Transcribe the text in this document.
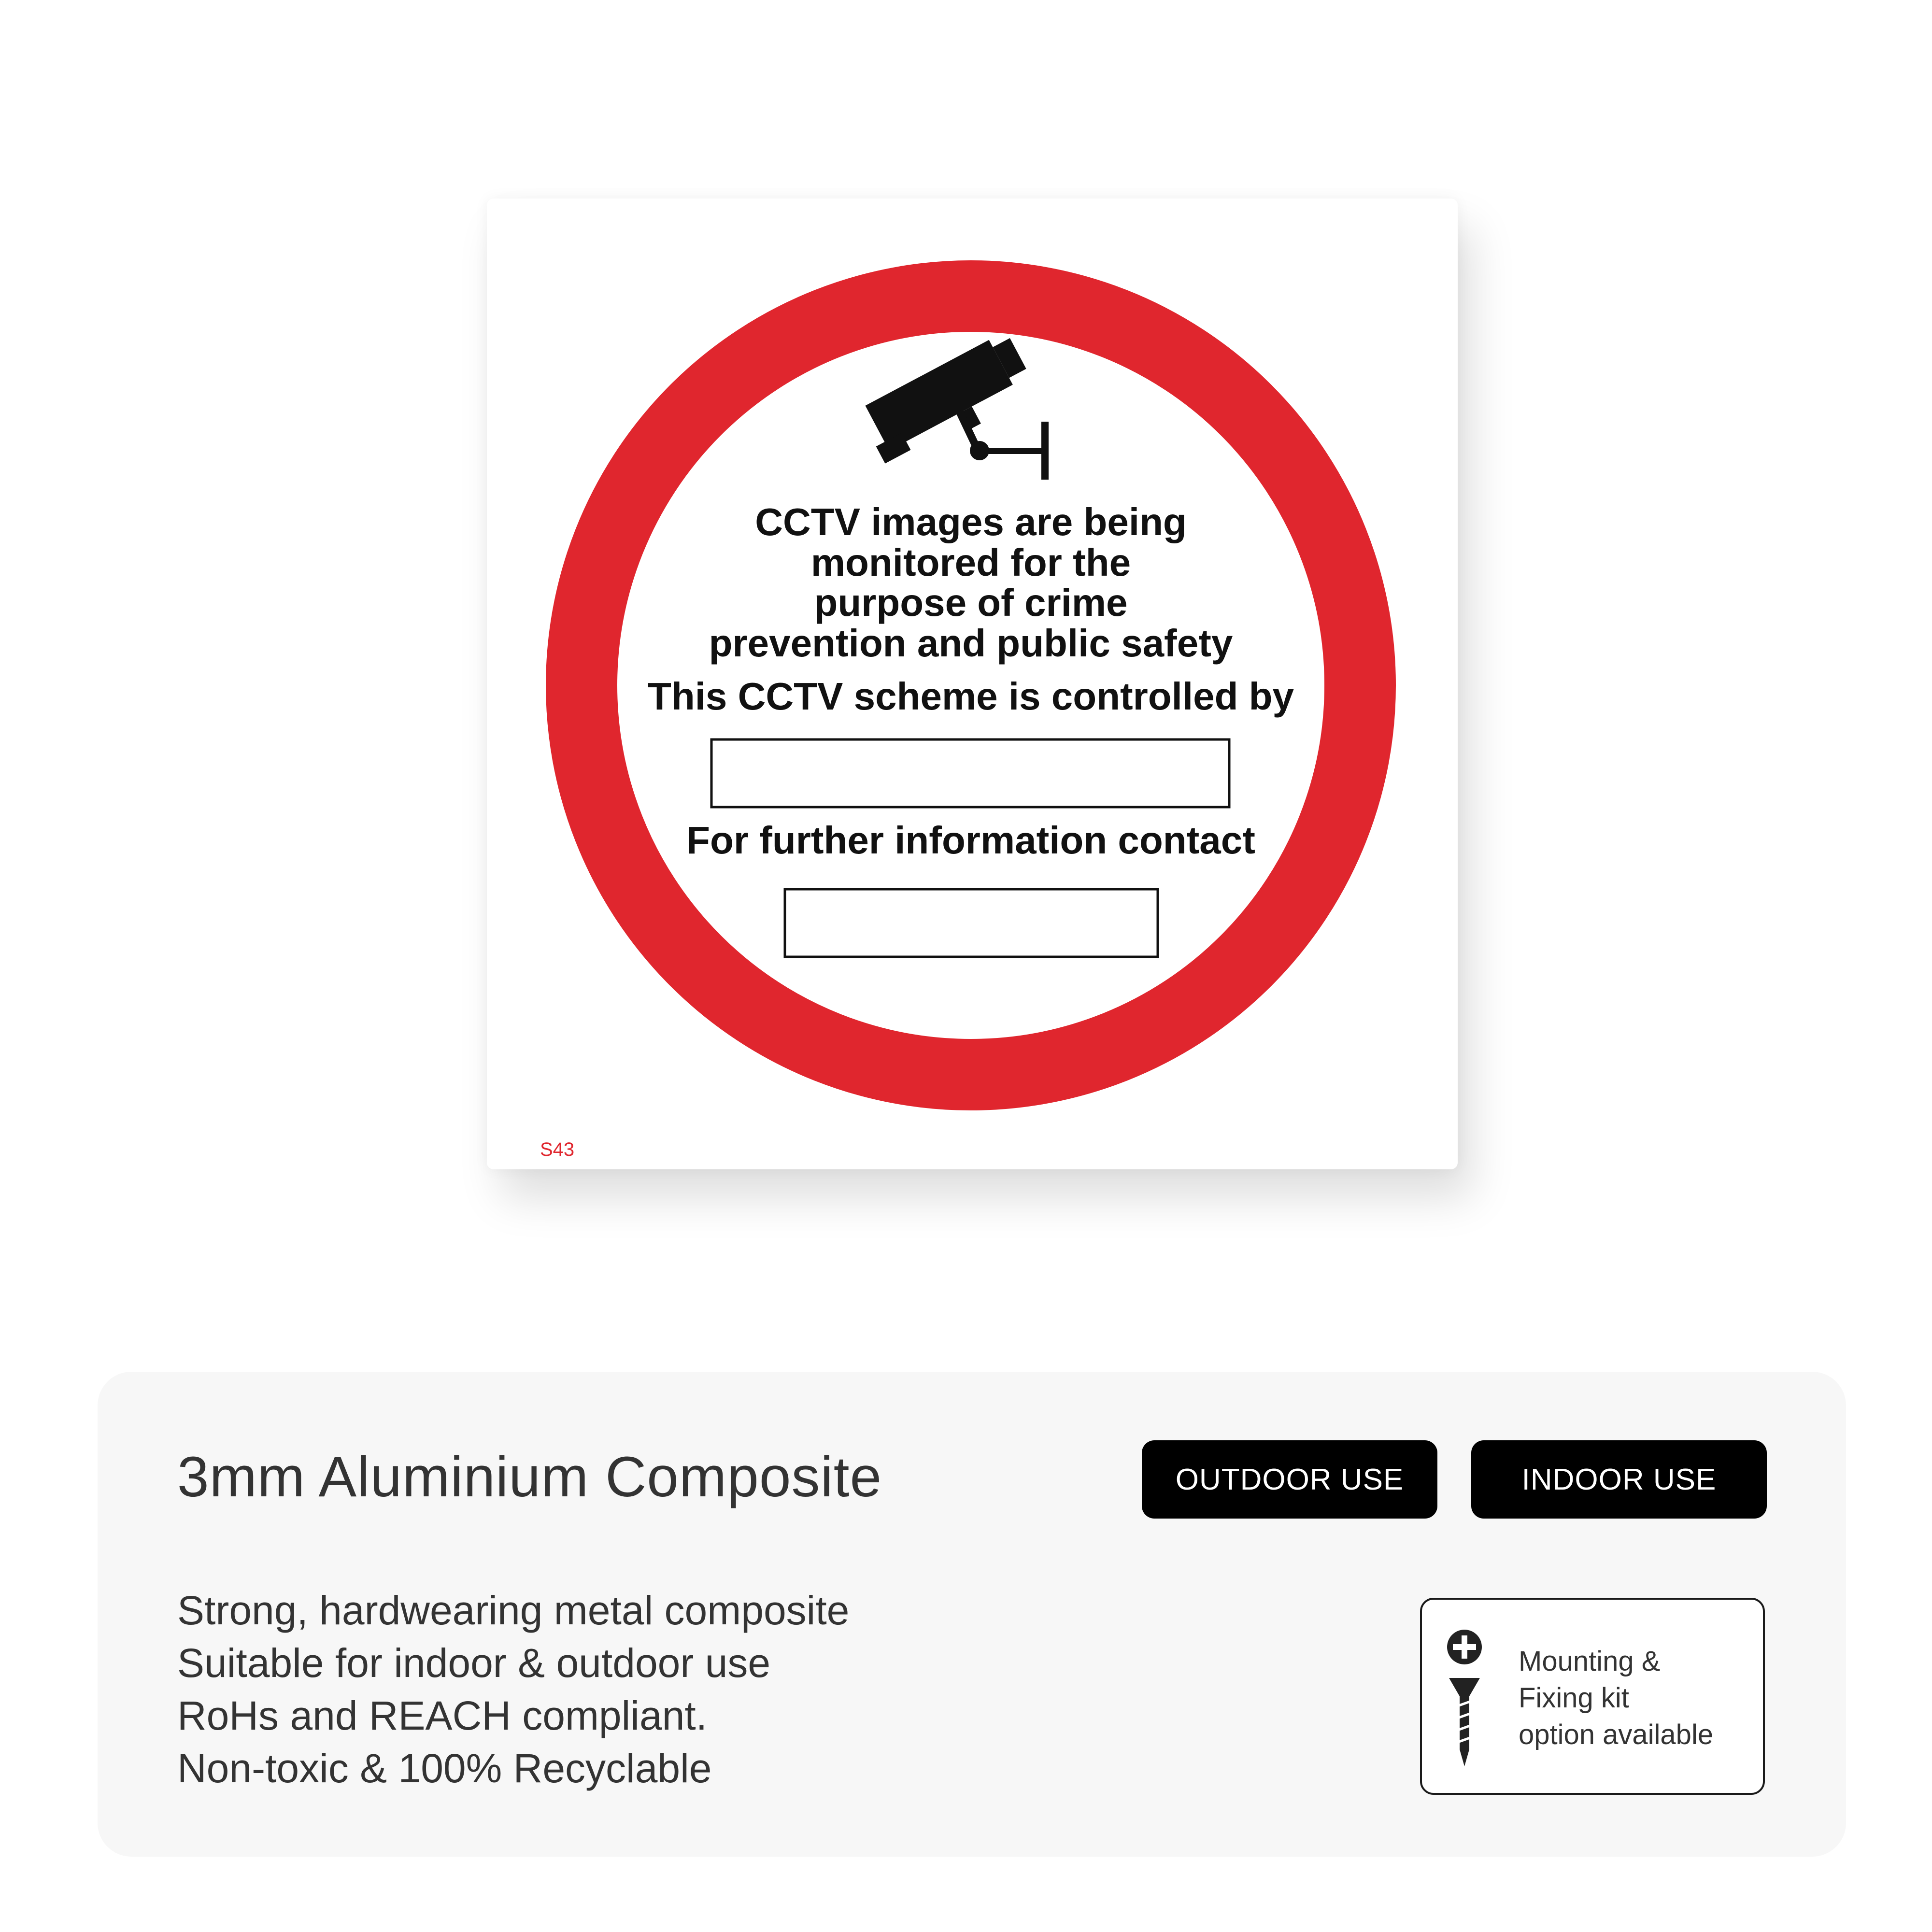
CCTV images are being
monitored for the
purpose of crime
prevention and public safety
This CCTV scheme is controlled by
For further information contact
S43
3mm Aluminium Composite	OUTDOOR USE	INDOOR USE
Strong, hardwearing metal composite
Suitable for indoor & outdoor use
RoHs and REACH compliant.
Non-toxic & 100% Recyclable
Mounting &
Fixing kit
option available
